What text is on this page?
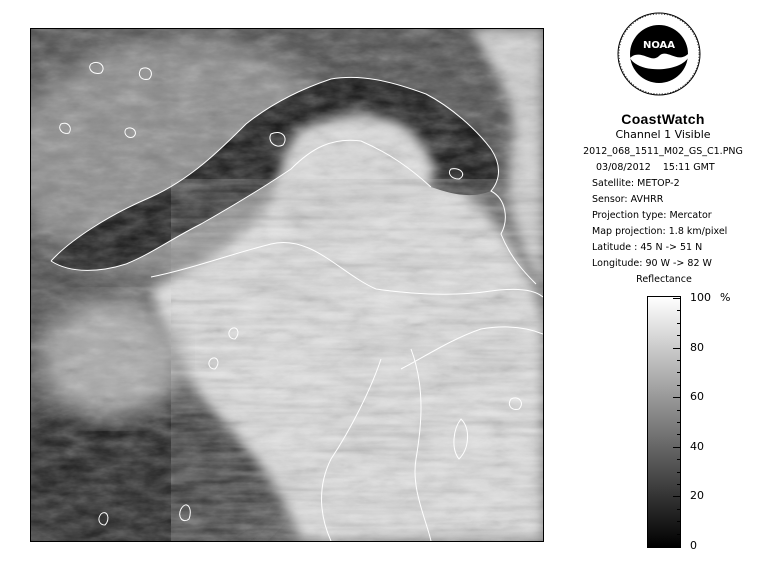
NOAA
CoastWatch
Channel 1 Visible
2012_068_1511_M02_GS_C1.PNG
03/08/2012 15:11 GMT
Satellite: METOP-2
Sensor: AVHRR
Projection type: Mercator
Map projection: 1.8 km/pixel
Latitude : 45 N -> 51 N
Longitude: 90 W -> 82 W
Reflectance
%
100
80
60
40
20
0
